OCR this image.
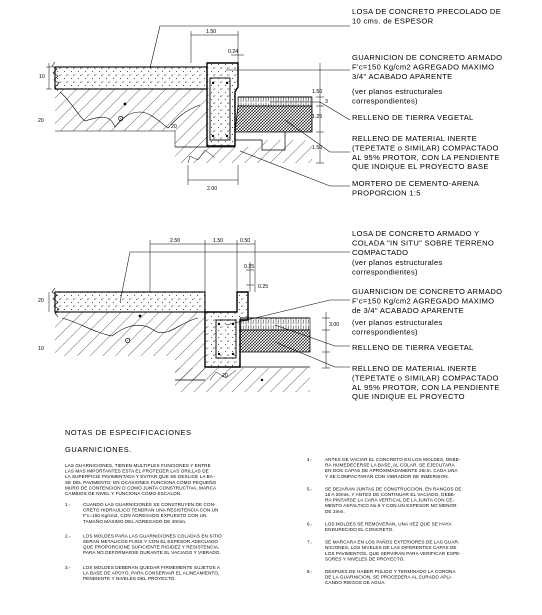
ʘ
1.50
0.24
10
20
20
1.50
3
1.25
1.50
2.00
LOSA DE CONCRETO PRECOLADO DE
10 cms. de ESPESOR
GUARNICION DE CONCRETO ARMADO
F'c=150 Kg/cm2 AGREGADO MAXIMO
3/4" ACABADO APARENTE
(ver planos estructurales
correspondientes)
RELLENO DE TIERRA VEGETAL
RELLENO DE MATERIAL INERTE
(TEPETATE o SIMILAR) COMPACTADO
AL 95% PROTOR, CON LA PENDIENTE
QUE INDIQUE EL PROYECTO BASE
MORTERO DE CEMENTO-ARENA
PROPORCION 1:5
ʘ
2.50	1.50	0.50
0.25
0.25
3.00
20
10
20
LOSA DE CONCRETO ARMADO Y
COLADA "IN SITU" SOBRE TERRENO
COMPACTADO
(ver planos estructurales
correspondientes)
GUARNICION DE CONCRETO ARMADO
F'c=150 Kg/cm2 AGREGADO MAXIMO
de 3/4" ACABADO APARENTE
(ver planos estructurales
correspondientes)
RELLENO DE TIERRA VEGETAL
RELLENO DE MATERIAL INERTE
(TEPETATE o SIMILAR) COMPACTADO
AL 95% PROTOR, CON LA PENDIENTE
QUE INDIQUE EL PROYECTO
NOTAS DE ESPECIFICACIONES
GUARNICIONES.
LAS GUARNICIONES, TIENEN MULTIPLES FUNCIONES Y ENTRE
LAS MAS IMPORTANTES ESTA EL PROTEGER LAS ORILLAS DE
LA SUPERFICIE PAVIMENTADA Y EVITAR QUE SE DESLICE LA BA-
SE DEL PAVIMENTO; EN OCASIONES FUNCIONA COMO PEQUEÑO
MURO DE CONTENCION O COMO JUNTA CONSTRUCTIVA, MARCA
CAMBIOS DE NIVEL Y FUNCIONA COMO ESCALON.
1.-	CUANDO LAS GUARNICIONES SE CONSTRUYEN DE CON-
CRETO HIDRAULICO TENDRAN UNA RESISTENCIA CON UN
F'c=150 Kg/cm2, CON AGREGADO EXPUESTO CON UN
TAMAÑO MAXIMO DEL AGREGADO DE 40mm.
2.-	LOS MOLDES PARA LAS GUARNICIONES COLADAS EN SITIO
SERAN METALICOS FIJOS Y CON EL ESPESOR ADECUADO
QUE PROPORCIONE SUFICIENTE RIGIDEZ Y RESISTENCIA,
PARA NO DEFORMARSE DURANTE EL VACIADO Y VIBRADO.
3.-	LOS MOLDES DEBERAN QUEDAR FIRMEMENTE SUJETOS A
LA BASE DE APOYO, PARA CONSERVAR EL ALINEAMIENTO,
PENDIENTE Y NIVELES DEL PROYECTO.
4.-	ANTES DE VACIAR EL CONCRETO EN LOS MOLDES, DEBE-
RA HUMEDECERSE LA BASE, AL COLAR, SE EJECUTARA
EN DOS CAPAS DE APROXIMADAMENTE 25cm. CADA UNA
Y SE COMPACTARAN CON VIBRADOR DE INMERSION.
5.-	SE DEJARAN JUNTAS DE CONSTRUCCION, EN RANGOS DE
15 A 20mts. Y ANTES DE CONTINUAR EL VACIADO, DEBE-
RA PINTARSE LA CARA VERTICAL DE LA JUNTA CON CE-
MENTO ASFALTICO No.6 Y CON UN ESPESOR NO MENOR
DE 2mm.
6.-	LOS MOLDES SE REMOVERAN, UNA VEZ QUE SE HAYA
ENDURECIDO EL CONCRETO.
7.-	SE MARCARA EN LOS PAÑOS EXTERIORES DE LAS GUAR-
NICIONES, LOS NIVELES DE LAS DIFERENTES CAPAS DE
LOS PAVIMENTOS, QUE SERVIRAN PARA VERIFICAR ESPE-
SORES Y NIVELES DE PROYECTO.
8.-	DESPUES DE HABER PULIDO Y TERMINADO LA CORONA
DE LA GUARNICION, SE PROCEDERA AL CURADO APLI-
CANDO RIEGOS DE AGUA.
